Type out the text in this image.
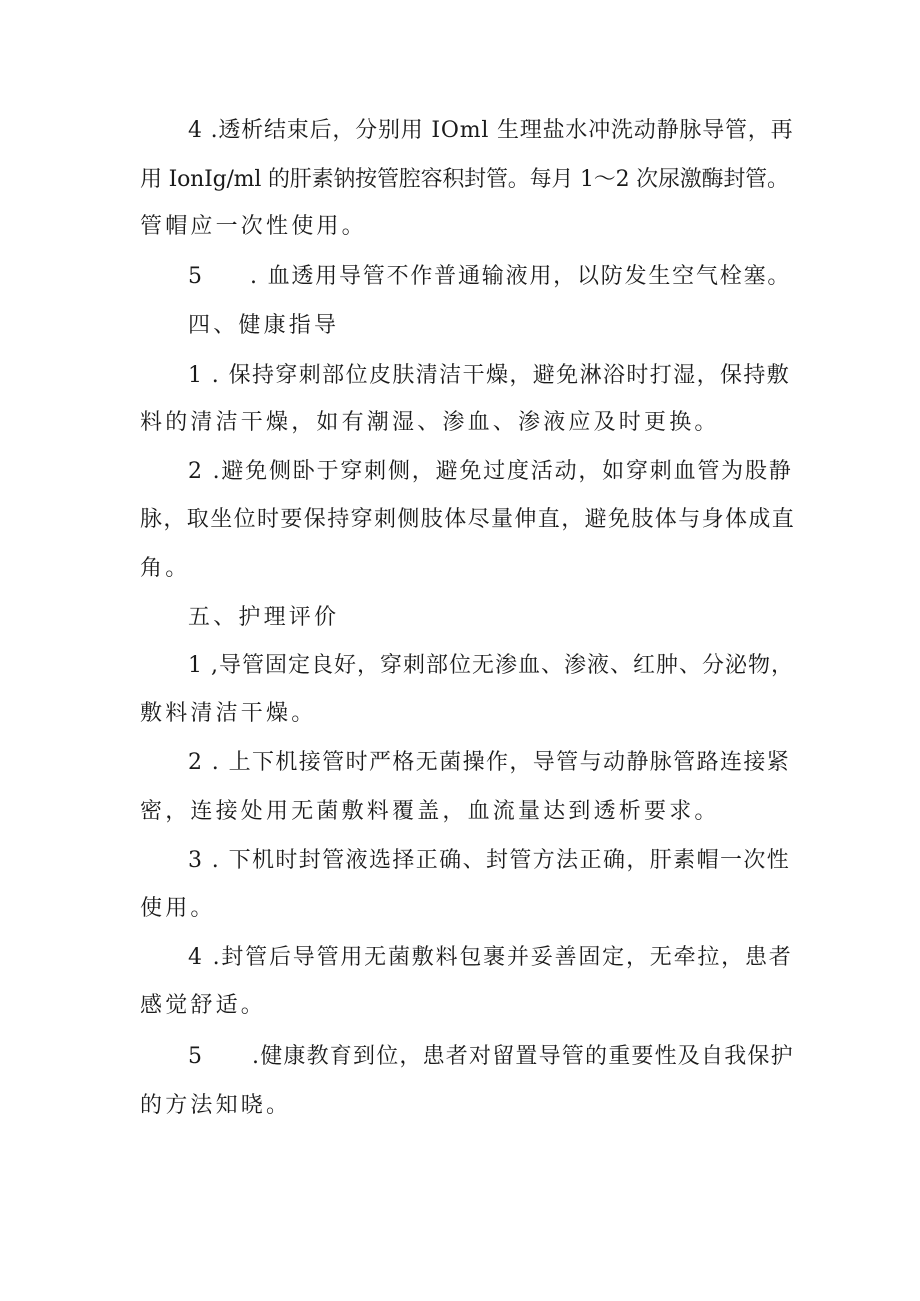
4 .透析结束后，分别用 IOml 生理盐水冲洗动静脉导管，再
用 IonIg/ml 的肝素钠按管腔容积封管。每月 1～2 次尿激酶封管。
管帽应一次性使用。
5 . 血透用导管不作普通输液用，以防发生空气栓塞。
四、健康指导
1 . 保持穿刺部位皮肤清洁干燥，避免淋浴时打湿，保持敷
料的清洁干燥，如有潮湿、渗血、渗液应及时更换。
2 .避免侧卧于穿刺侧，避免过度活动，如穿刺血管为股静
脉，取坐位时要保持穿刺侧肢体尽量伸直，避免肢体与身体成直
角。
五、护理评价
1 ,导管固定良好，穿刺部位无渗血、渗液、红肿、分泌物，
敷料清洁干燥。
2 . 上下机接管时严格无菌操作，导管与动静脉管路连接紧
密，连接处用无菌敷料覆盖，血流量达到透析要求。
3 . 下机时封管液选择正确、封管方法正确，肝素帽一次性
使用。
4 .封管后导管用无菌敷料包裹并妥善固定，无牵拉，患者
感觉舒适。
5 .健康教育到位，患者对留置导管的重要性及自我保护
的方法知晓。
